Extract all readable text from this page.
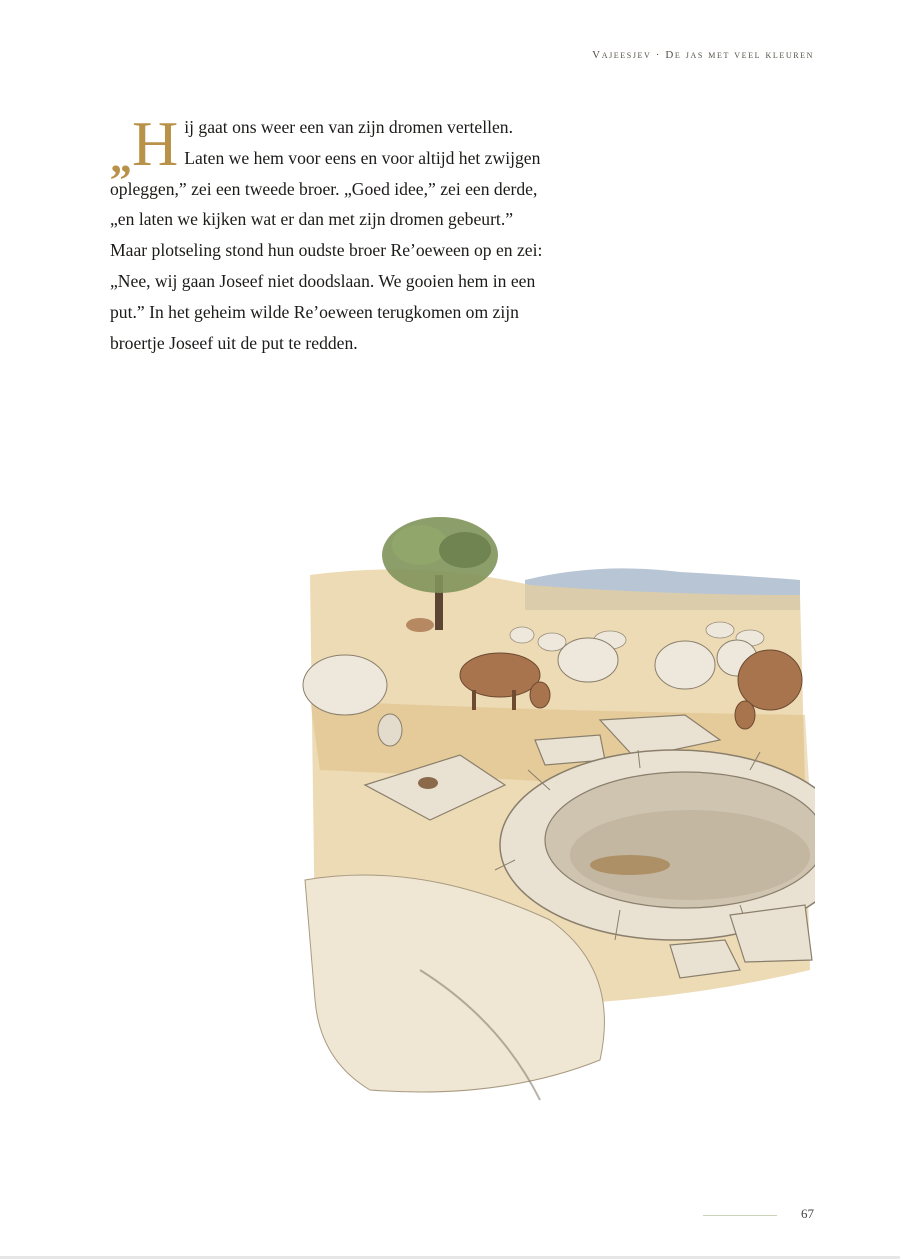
Vajeesjev · De jas met veel kleuren
„ H ij gaat ons weer een van zijn dromen vertellen. Laten we hem voor eens en voor altijd het zwijgen opleggen,” zei een tweede broer. „Goed idee,” zei een derde, „en laten we kijken wat er dan met zijn dromen gebeurt.” Maar plotseling stond hun oudste broer Re’oeween op en zei: „Nee, wij gaan Joseef niet doodslaan. We gooien hem in een put.” In het geheim wilde Re’oeween terugkomen om zijn broertje Joseef uit de put te redden.
67
